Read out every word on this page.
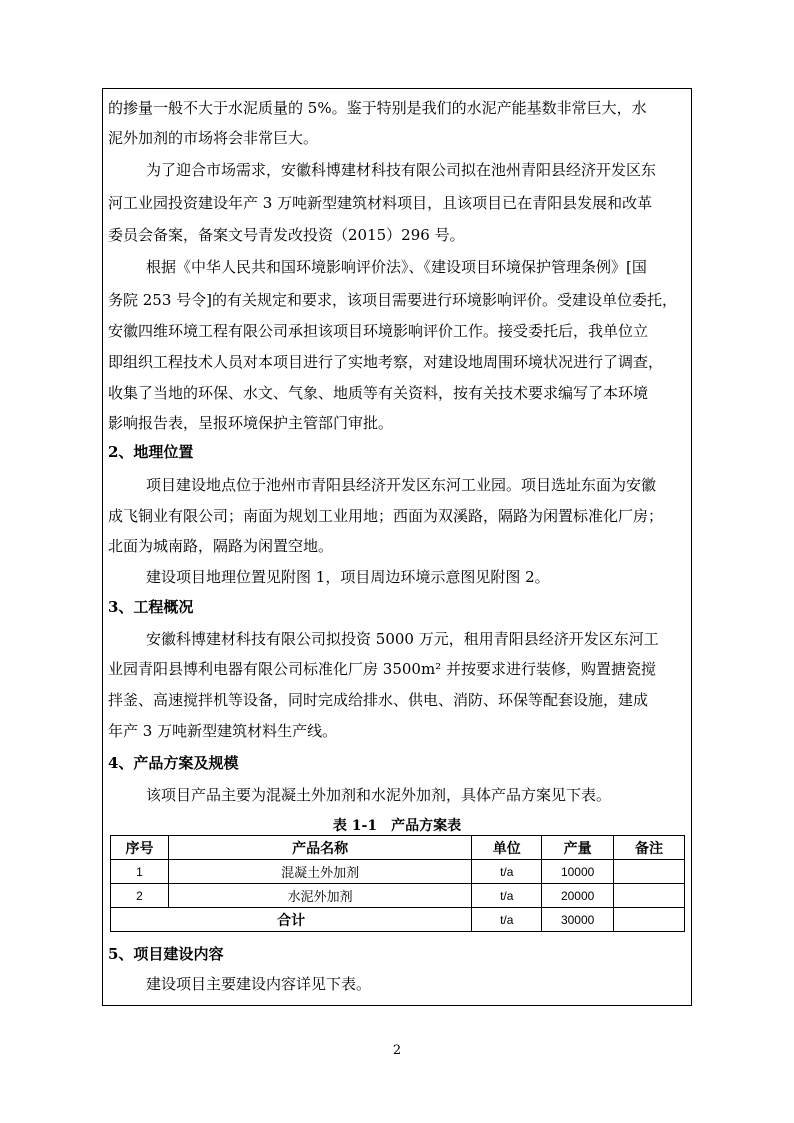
的掺量一般不大于水泥质量的 5%。鉴于特别是我们的水泥产能基数非常巨大，水
泥外加剂的市场将会非常巨大。
为了迎合市场需求，安徽科博建材科技有限公司拟在池州青阳县经济开发区东
河工业园投资建设年产 3 万吨新型建筑材料项目，且该项目已在青阳县发展和改革
委员会备案，备案文号青发改投资（2015）296 号。
根据《中华人民共和国环境影响评价法》、《建设项目环境保护管理条例》[国
务院 253 号令]的有关规定和要求，该项目需要进行环境影响评价。受建设单位委托，
安徽四维环境工程有限公司承担该项目环境影响评价工作。接受委托后，我单位立
即组织工程技术人员对本项目进行了实地考察，对建设地周围环境状况进行了调查，
收集了当地的环保、水文、气象、地质等有关资料，按有关技术要求编写了本环境
影响报告表，呈报环境保护主管部门审批。
2、地理位置
项目建设地点位于池州市青阳县经济开发区东河工业园。项目选址东面为安徽
成飞铜业有限公司；南面为规划工业用地；西面为双溪路，隔路为闲置标准化厂房；
北面为城南路，隔路为闲置空地。
建设项目地理位置见附图 1，项目周边环境示意图见附图 2。
3、工程概况
安徽科博建材科技有限公司拟投资 5000 万元，租用青阳县经济开发区东河工
业园青阳县博利电器有限公司标准化厂房 3500m² 并按要求进行装修，购置搪瓷搅
拌釜、高速搅拌机等设备，同时完成给排水、供电、消防、环保等配套设施，建成
年产 3 万吨新型建筑材料生产线。
4、产品方案及规模
该项目产品主要为混凝土外加剂和水泥外加剂，具体产品方案见下表。
表 1-1　产品方案表
序号	产品名称	单位	产量	备注
1	混凝土外加剂	t/a	10000	
2	水泥外加剂	t/a	20000	
合计		t/a	30000	
5、项目建设内容
建设项目主要建设内容详见下表。
2
